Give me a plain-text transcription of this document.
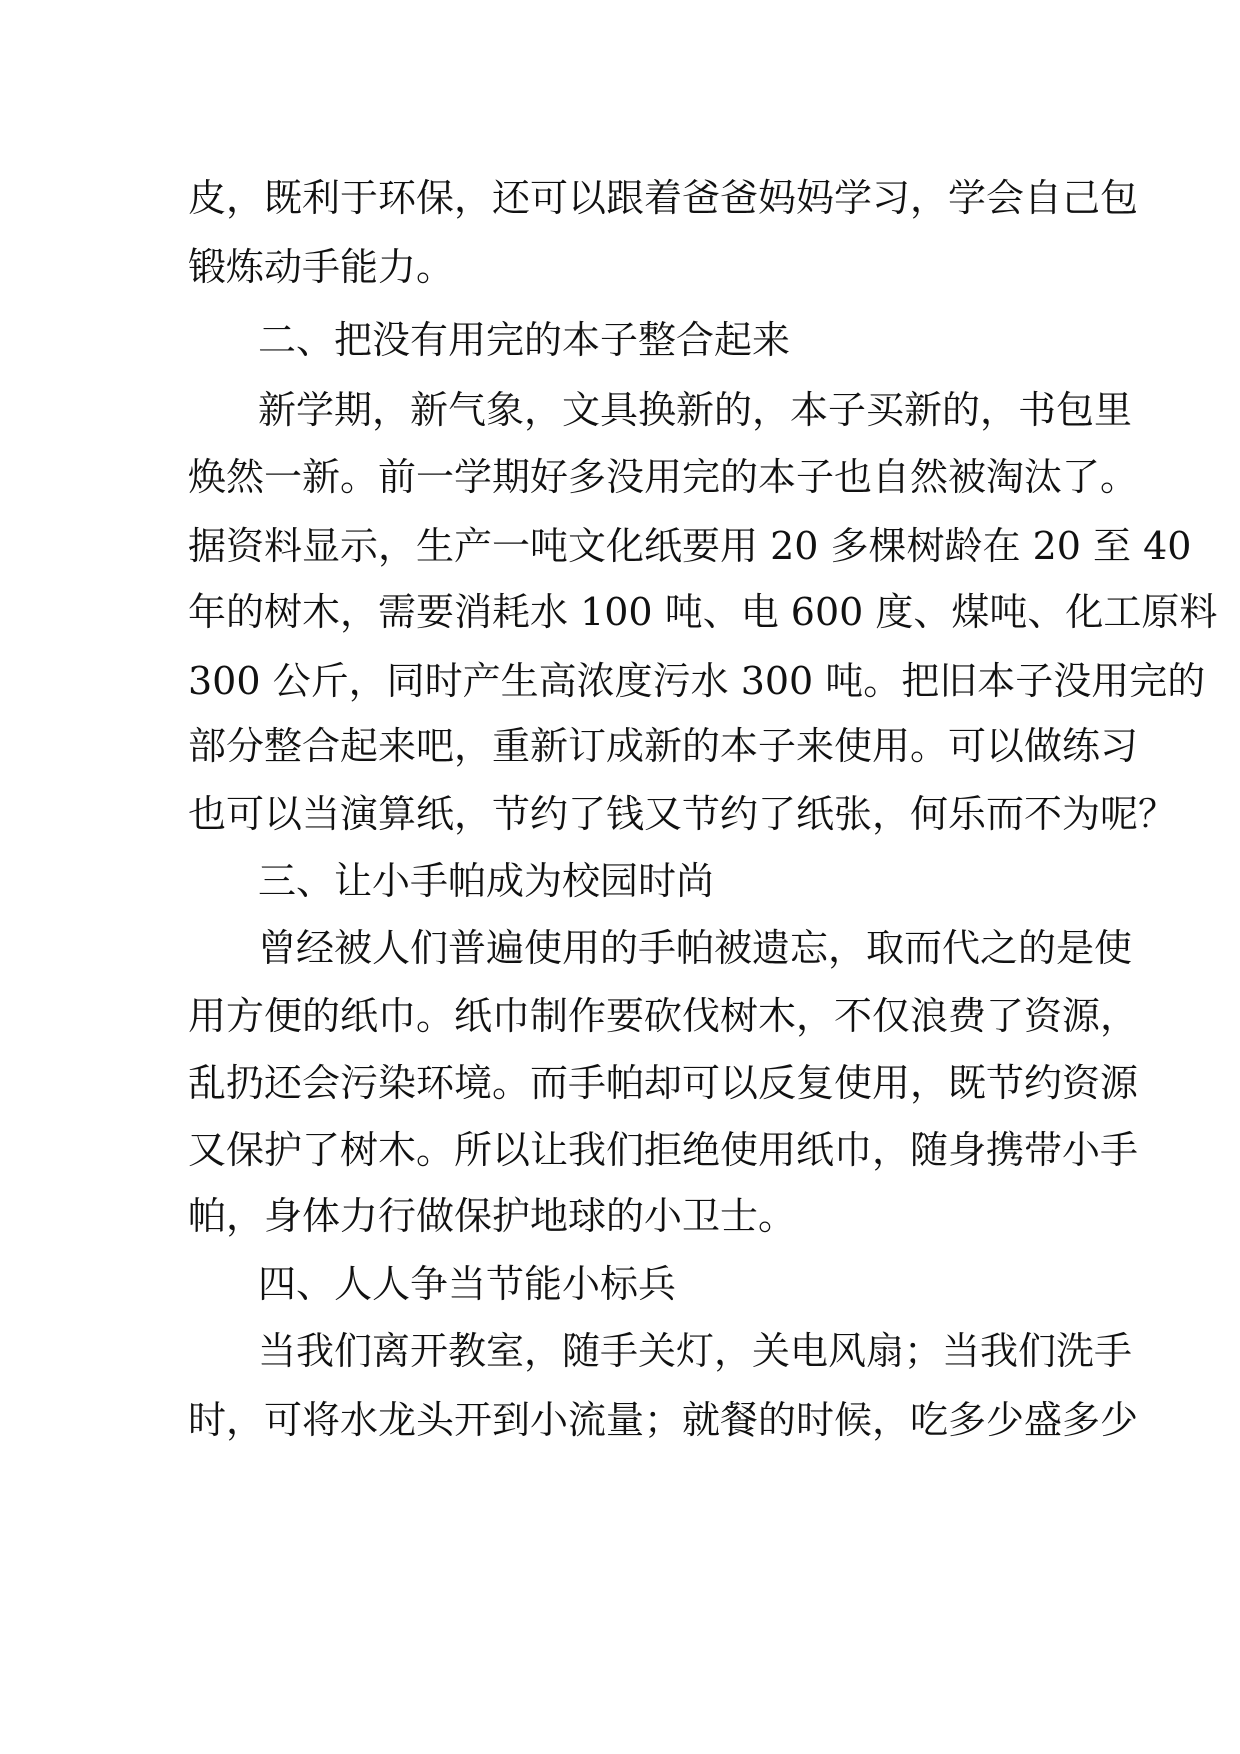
皮，既利于环保，还可以跟着爸爸妈妈学习，学会自己包
锻炼动手能力。
二、把没有用完的本子整合起来
新学期，新气象，文具换新的，本子买新的，书包里
焕然一新。前一学期好多没用完的本子也自然被淘汰了。
据资料显示，生产一吨文化纸要用 20 多棵树龄在 20 至 40
年的树木，需要消耗水 100 吨、电 600 度、煤吨、化工原料
300 公斤，同时产生高浓度污水 300 吨。把旧本子没用完的
部分整合起来吧，重新订成新的本子来使用。可以做练习
也可以当演算纸，节约了钱又节约了纸张，何乐而不为呢？
三、让小手帕成为校园时尚
曾经被人们普遍使用的手帕被遗忘，取而代之的是使
用方便的纸巾。纸巾制作要砍伐树木，不仅浪费了资源，
乱扔还会污染环境。而手帕却可以反复使用，既节约资源
又保护了树木。所以让我们拒绝使用纸巾，随身携带小手
帕，身体力行做保护地球的小卫士。
四、人人争当节能小标兵
当我们离开教室，随手关灯，关电风扇；当我们洗手
时，可将水龙头开到小流量；就餐的时候，吃多少盛多少
